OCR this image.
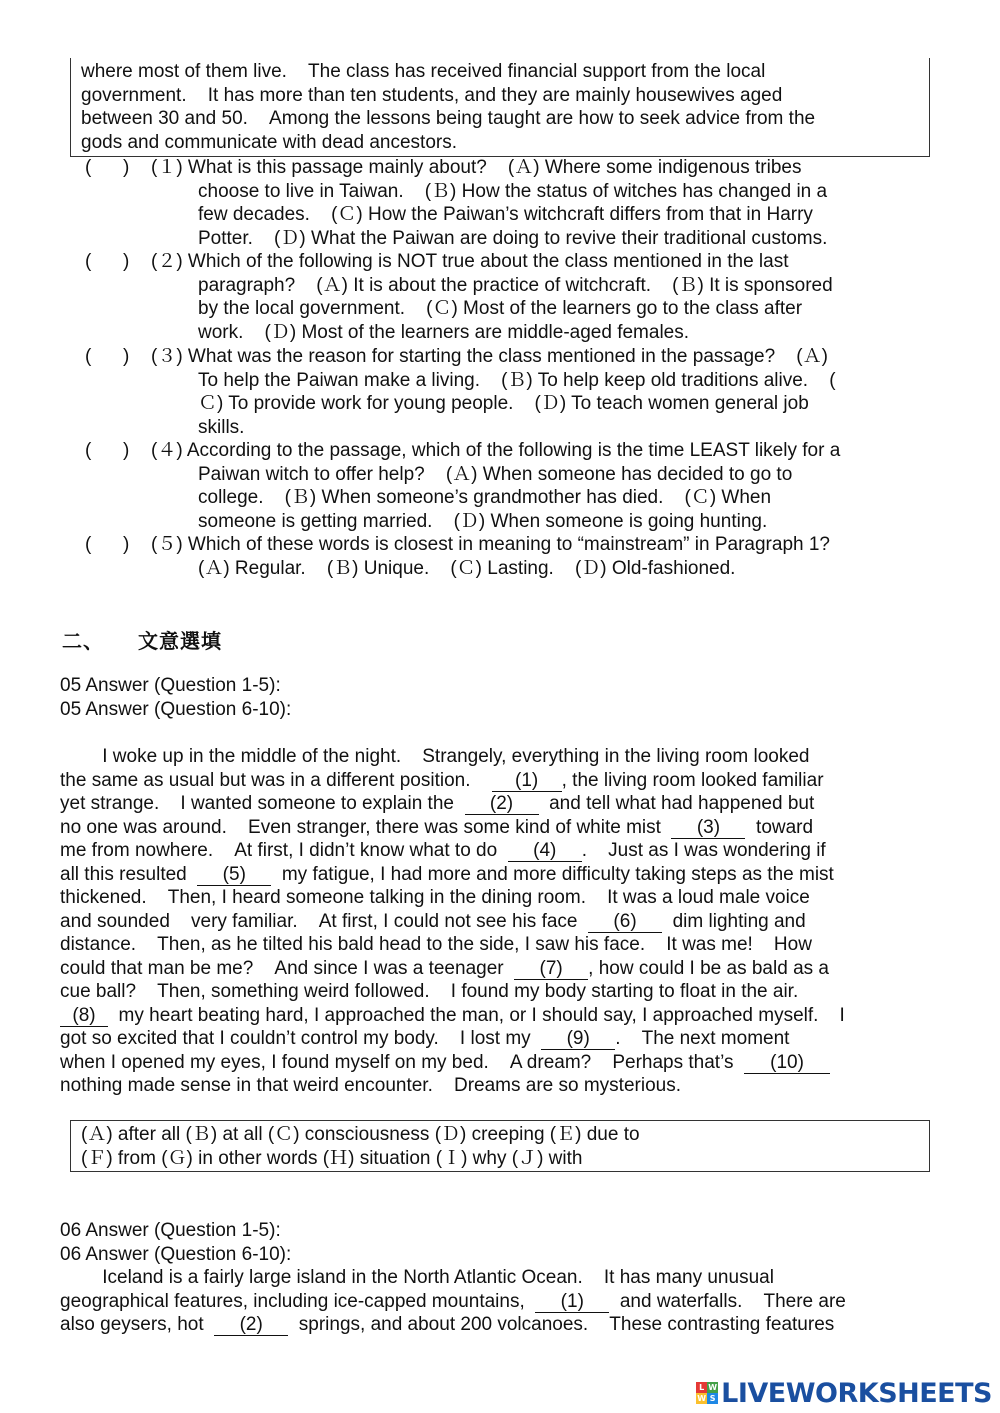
where most of them live.    The class has received financial support from the local
government.    It has more than ten students, and they are mainly housewives aged
between 30 and 50.    Among the lessons being taught are how to seek advice from the
gods and communicate with dead ancestors.
(      ) (１) What is this passage mainly about?    (Ａ) Where some indigenous tribes
choose to live in Taiwan.    (Ｂ) How the status of witches has changed in a
few decades.    (Ｃ) How the Paiwan’s witchcraft differs from that in Harry
Potter.    (Ｄ) What the Paiwan are doing to revive their traditional customs.
(      ) (２) Which of the following is NOT true about the class mentioned in the last
paragraph?    (Ａ) It is about the practice of witchcraft.    (Ｂ) It is sponsored
by the local government.    (Ｃ) Most of the learners go to the class after
work.    (Ｄ) Most of the learners are middle-aged females.
(      ) (３) What was the reason for starting the class mentioned in the passage?    (Ａ)
To help the Paiwan make a living.    (Ｂ) To help keep old traditions alive.    (
Ｃ) To provide work for young people.    (Ｄ) To teach women general job
skills.
(      ) (４) According to the passage, which of the following is the time LEAST likely for a
Paiwan witch to offer help?    (Ａ) When someone has decided to go to
college.    (Ｂ) When someone’s grandmother has died.    (Ｃ) When
someone is getting married.    (Ｄ) When someone is going hunting.
(      ) (５) Which of these words is closest in meaning to “mainstream” in Paragraph 1?
(Ａ) Regular.    (Ｂ) Unique.    (Ｃ) Lasting.    (Ｄ) Old-fashioned.
二、 文意選填
05 Answer (Question 1-5):
05 Answer (Question 6-10):
I woke up in the middle of the night.    Strangely, everything in the living room looked
the same as usual but was in a different position.    (1) , the living room looked familiar
yet strange.    I wanted someone to explain the  (2)  and tell what had happened but
no one was around.    Even stranger, there was some kind of white mist  (3)  toward
me from nowhere.    At first, I didn’t know what to do  (4) .    Just as I was wondering if
all this resulted  (5)  my fatigue, I had more and more difficulty taking steps as the mist
thickened.    Then, I heard someone talking in the dining room.    It was a loud male voice
and sounded    very familiar.    At first, I could not see his face  (6)  dim lighting and
distance.    Then, as he tilted his bald head to the side, I saw his face.    It was me!    How
could that man be me?    And since I was a teenager  (7) , how could I be as bald as a
cue ball?    Then, something weird followed.    I found my body starting to float in the air.
(8)  my heart beating hard, I approached the man, or I should say, I approached myself.    I
got so excited that I couldn’t control my body.    I lost my  (9) .    The next moment
when I opened my eyes, I found myself on my bed.    A dream?    Perhaps that’s  (10)
nothing made sense in that weird encounter.    Dreams are so mysterious.
(Ａ) after all (Ｂ) at all (Ｃ) consciousness (Ｄ) creeping (Ｅ) due to
(Ｆ) from (Ｇ) in other words (Ｈ) situation (Ｉ) why (Ｊ) with
06 Answer (Question 1-5):
06 Answer (Question 6-10):
Iceland is a fairly large island in the North Atlantic Ocean.    It has many unusual
geographical features, including ice-capped mountains,  (1)  and waterfalls.    There are
also geysers, hot  (2)  springs, and about 200 volcanoes.    These contrasting features
L W
W S LIVEWORKSHEETS
